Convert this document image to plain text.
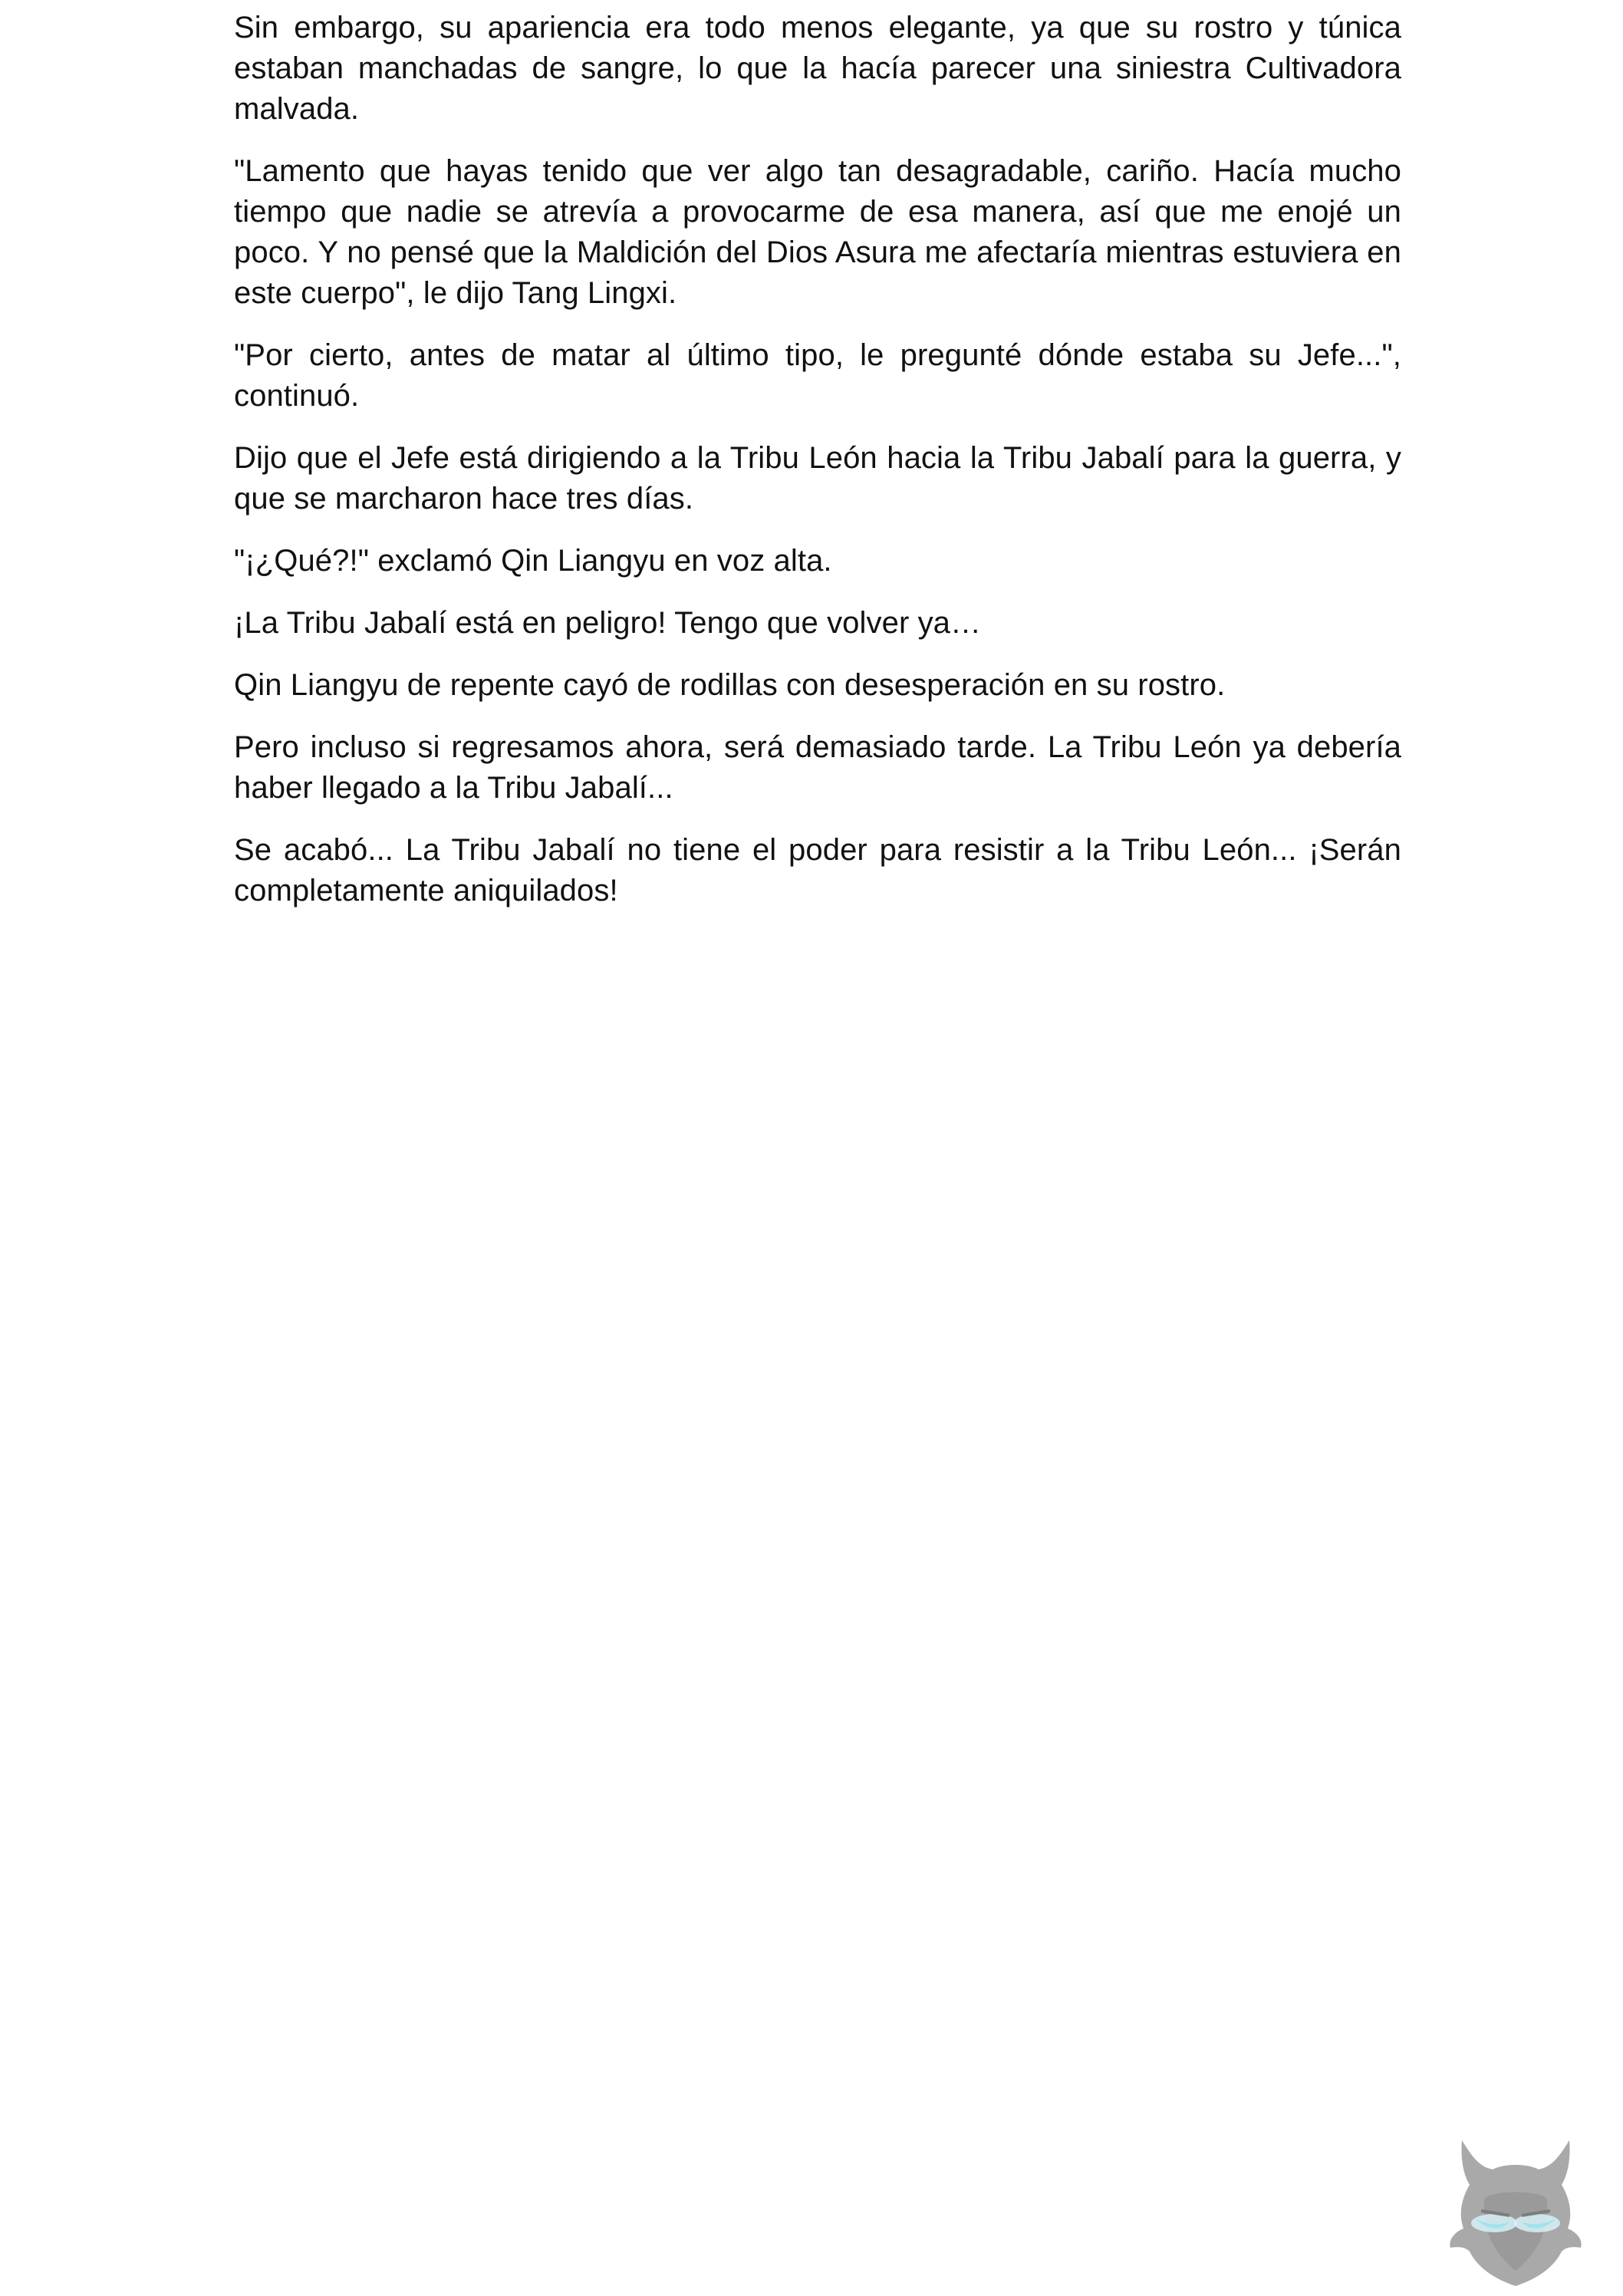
Sin embargo, su apariencia era todo menos elegante, ya que su rostro y túnica estaban manchadas de sangre, lo que la hacía parecer una siniestra Cultivadora malvada.

"Lamento que hayas tenido que ver algo tan desagradable, cariño. Hacía mucho tiempo que nadie se atrevía a provocarme de esa manera, así que me enojé un poco. Y no pensé que la Maldición del Dios Asura me afectaría mientras estuviera en este cuerpo", le dijo Tang Lingxi.

"Por cierto, antes de matar al último tipo, le pregunté dónde estaba su Jefe...", continuó.

Dijo que el Jefe está dirigiendo a la Tribu León hacia la Tribu Jabalí para la guerra, y que se marcharon hace tres días.

"¡¿Qué?!" exclamó Qin Liangyu en voz alta.

¡La Tribu Jabalí está en peligro! Tengo que volver ya…

Qin Liangyu de repente cayó de rodillas con desesperación en su rostro.

Pero incluso si regresamos ahora, será demasiado tarde. La Tribu León ya debería haber llegado a la Tribu Jabalí...

Se acabó... La Tribu Jabalí no tiene el poder para resistir a la Tribu León... ¡Serán completamente aniquilados!
